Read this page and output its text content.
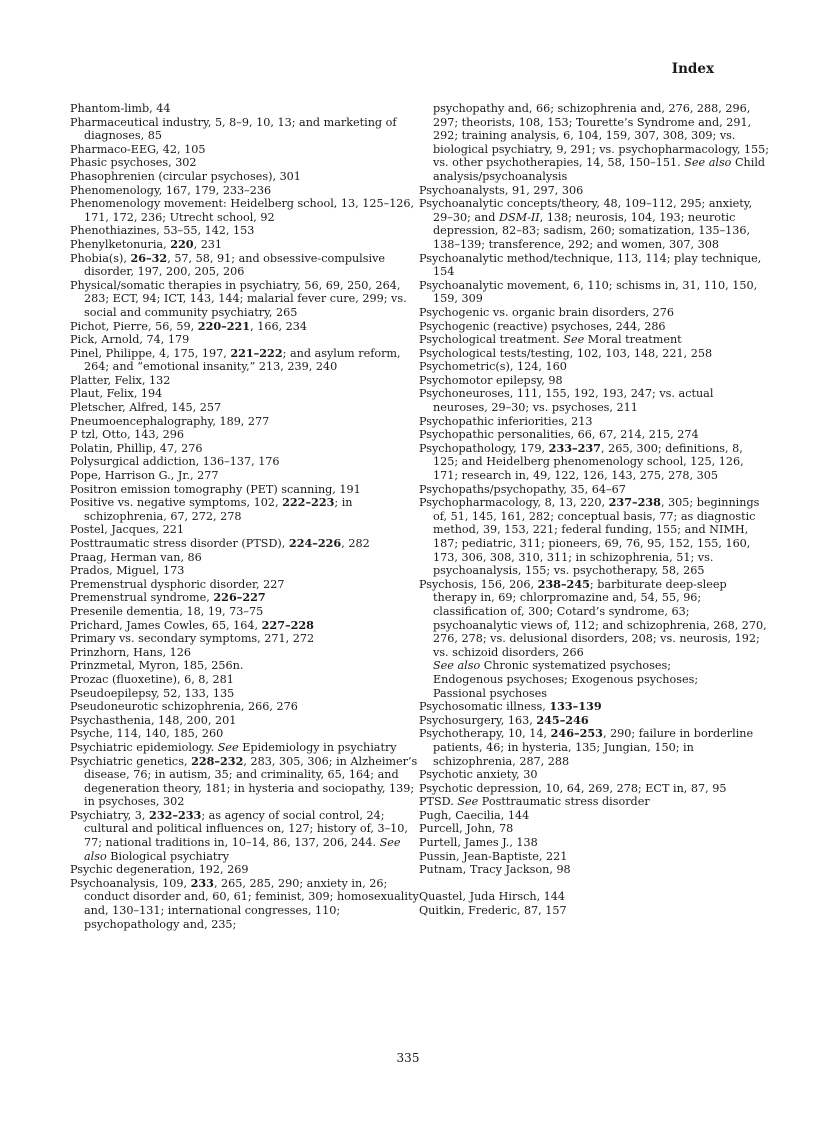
Index
Phantom-limb, 44
Pharmaceutical industry, 5, 8–9, 10, 13; and marketing of diagnoses, 85
Pharmaco-EEG, 42, 105
Phasic psychoses, 302
Phasophrenien (circular psychoses), 301
Phenomenology, 167, 179, 233–236
Phenomenology movement: Heidelberg school, 13, 125–126, 171, 172, 236; Utrecht school, 92
Phenothiazines, 53–55, 142, 153
Phenylketonuria, 220, 231
Phobia(s), 26–32, 57, 58, 91; and obsessive-compulsive disorder, 197, 200, 205, 206
Physical/somatic therapies in psychiatry, 56, 69, 250, 264, 283; ECT, 94; ICT, 143, 144; malarial fever cure, 299; vs. social and community psychiatry, 265
Pichot, Pierre, 56, 59, 220–221, 166, 234
Pick, Arnold, 74, 179
Pinel, Philippe, 4, 175, 197, 221–222; and asylum reform, 264; and “emotional insanity,” 213, 239, 240
Platter, Felix, 132
Plaut, Felix, 194
Pletscher, Alfred, 145, 257
Pneumoencephalography, 189, 277
P tzl, Otto, 143, 296
Polatin, Phillip, 47, 276
Polysurgical addiction, 136–137, 176
Pope, Harrison G., Jr., 277
Positron emission tomography (PET) scanning, 191
Positive vs. negative symptoms, 102, 222–223; in schizophrenia, 67, 272, 278
Postel, Jacques, 221
Posttraumatic stress disorder (PTSD), 224–226, 282
Praag, Herman van, 86
Prados, Miguel, 173
Premenstrual dysphoric disorder, 227
Premenstrual syndrome, 226–227
Presenile dementia, 18, 19, 73–75
Prichard, James Cowles, 65, 164, 227–228
Primary vs. secondary symptoms, 271, 272
Prinzhorn, Hans, 126
Prinzmetal, Myron, 185, 256n.
Prozac (fluoxetine), 6, 8, 281
Pseudoepilepsy, 52, 133, 135
Pseudoneurotic schizophrenia, 266, 276
Psychasthenia, 148, 200, 201
Psyche, 114, 140, 185, 260
Psychiatric epidemiology. See Epidemiology in psychiatry
Psychiatric genetics, 228–232, 283, 305, 306; in Alzheimer’s disease, 76; in autism, 35; and criminality, 65, 164; and degeneration theory, 181; in hysteria and sociopathy, 139; in psychoses, 302
Psychiatry, 3, 232–233; as agency of social control, 24; cultural and political influences on, 127; history of, 3–10, 77; national traditions in, 10–14, 86, 137, 206, 244. See also Biological psychiatry
Psychic degeneration, 192, 269
Psychoanalysis, 109, 233, 265, 285, 290; anxiety in, 26; conduct disorder and, 60, 61; feminist, 309; homosexuality and, 130–131; international congresses, 110; psychopathology and, 235;
psychopathy and, 66; schizophrenia and, 276, 288, 296, 297; theorists, 108, 153; Tourette’s Syndrome and, 291, 292; training analysis, 6, 104, 159, 307, 308, 309; vs. biological psychiatry, 9, 291; vs. psychopharmacology, 155; vs. other psychotherapies, 14, 58, 150–151. See also Child analysis/psychoanalysis
Psychoanalysts, 91, 297, 306
Psychoanalytic concepts/theory, 48, 109–112, 295; anxiety, 29–30; and DSM-II, 138; neurosis, 104, 193; neurotic depression, 82–83; sadism, 260; somatization, 135–136, 138–139; transference, 292; and women, 307, 308
Psychoanalytic method/technique, 113, 114; play technique, 154
Psychoanalytic movement, 6, 110; schisms in, 31, 110, 150, 159, 309
Psychogenic vs. organic brain disorders, 276
Psychogenic (reactive) psychoses, 244, 286
Psychological treatment. See Moral treatment
Psychological tests/testing, 102, 103, 148, 221, 258
Psychometric(s), 124, 160
Psychomotor epilepsy, 98
Psychoneuroses, 111, 155, 192, 193, 247; vs. actual neuroses, 29–30; vs. psychoses, 211
Psychopathic inferiorities, 213
Psychopathic personalities, 66, 67, 214, 215, 274
Psychopathology, 179, 233–237, 265, 300; definitions, 8, 125; and Heidelberg phenomenology school, 125, 126, 171; research in, 49, 122, 126, 143, 275, 278, 305
Psychopaths/psychopathy, 35, 64–67
Psychopharmacology, 8, 13, 220, 237–238, 305; beginnings of, 51, 145, 161, 282; conceptual basis, 77; as diagnostic method, 39, 153, 221; federal funding, 155; and NIMH, 187; pediatric, 311; pioneers, 69, 76, 95, 152, 155, 160, 173, 306, 308, 310, 311; in schizophrenia, 51; vs. psychoanalysis, 155; vs. psychotherapy, 58, 265
Psychosis, 156, 206, 238–245; barbiturate deep-sleep therapy in, 69; chlorpromazine and, 54, 55, 96; classification of, 300; Cotard’s syndrome, 63; psychoanalytic views of, 112; and schizophrenia, 268, 270, 276, 278; vs. delusional disorders, 208; vs. neurosis, 192; vs. schizoid disorders, 266
See also Chronic systematized psychoses;
Endogenous psychoses; Exogenous psychoses;
Passional psychoses
Psychosomatic illness, 133–139
Psychosurgery, 163, 245–246
Psychotherapy, 10, 14, 246–253, 290; failure in borderline patients, 46; in hysteria, 135; Jungian, 150; in schizophrenia, 287, 288
Psychotic anxiety, 30
Psychotic depression, 10, 64, 269, 278; ECT in, 87, 95
PTSD. See Posttraumatic stress disorder
Pugh, Caecilia, 144
Purcell, John, 78
Purtell, James J., 138
Pussin, Jean-Baptiste, 221
Putnam, Tracy Jackson, 98
Quastel, Juda Hirsch, 144
Quitkin, Frederic, 87, 157
335
